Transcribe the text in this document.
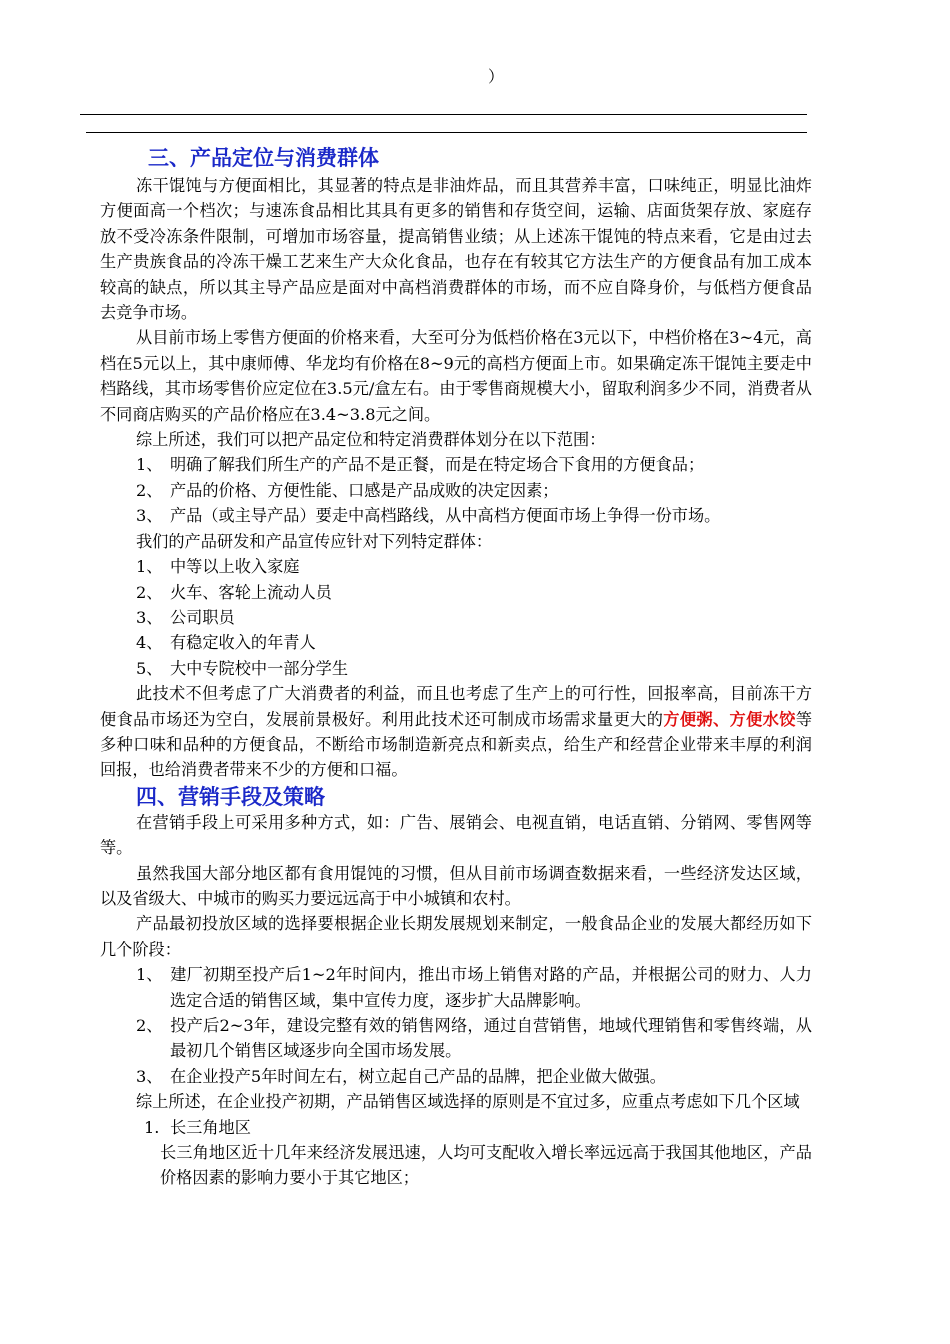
）
三、产品定位与消费群体

冻干馄饨与方便面相比，其显著的特点是非油炸品，而且其营养丰富，口味纯正，明显比油炸方便面高一个档次；与速冻食品相比其具有更多的销售和存货空间，运输、店面货架存放、家庭存放不受冷冻条件限制，可增加市场容量，提高销售业绩；从上述冻干馄饨的特点来看，它是由过去生产贵族食品的冷冻干燥工艺来生产大众化食品，也存在有较其它方法生产的方便食品有加工成本较高的缺点，所以其主导产品应是面对中高档消费群体的市场，而不应自降身价，与低档方便食品去竞争市场。

从目前市场上零售方便面的价格来看，大至可分为低档价格在3元以下，中档价格在3~4元，高档在5元以上，其中康师傅、华龙均有价格在8~9元的高档方便面上市。如果确定冻干馄饨主要走中档路线，其市场零售价应定位在3.5元/盒左右。由于零售商规模大小，留取利润多少不同，消费者从不同商店购买的产品价格应在3.4~3.8元之间。

综上所述，我们可以把产品定位和特定消费群体划分在以下范围：

1、 明确了解我们所生产的产品不是正餐，而是在特定场合下食用的方便食品；

2、 产品的价格、方便性能、口感是产品成败的决定因素；

3、 产品（或主导产品）要走中高档路线，从中高档方便面市场上争得一份市场。

我们的产品研发和产品宣传应针对下列特定群体：

1、 中等以上收入家庭

2、 火车、客轮上流动人员

3、 公司职员

4、 有稳定收入的年青人

5、 大中专院校中一部分学生

此技术不但考虑了广大消费者的利益，而且也考虑了生产上的可行性，回报率高，目前冻干方便食品市场还为空白，发展前景极好。利用此技术还可制成市场需求量更大的方便粥、方便水饺等多种口味和品种的方便食品，不断给市场制造新亮点和新卖点，给生产和经营企业带来丰厚的利润回报，也给消费者带来不少的方便和口福。

四、营销手段及策略

在营销手段上可采用多种方式，如：广告、展销会、电视直销，电话直销、分销网、零售网等等。

虽然我国大部分地区都有食用馄饨的习惯，但从目前市场调查数据来看，一些经济发达区域，以及省级大、中城市的购买力要远远高于中小城镇和农村。

产品最初投放区域的选择要根据企业长期发展规划来制定，一般食品企业的发展大都经历如下几个阶段：

1、 建厂初期至投产后1~2年时间内，推出市场上销售对路的产品，并根据公司的财力、人力选定合适的销售区域，集中宣传力度，逐步扩大品牌影响。

2、 投产后2~3年，建设完整有效的销售网络，通过自营销售，地域代理销售和零售终端，从最初几个销售区域逐步向全国市场发展。

3、 在企业投产5年时间左右，树立起自己产品的品牌，把企业做大做强。

综上所述，在企业投产初期，产品销售区域选择的原则是不宜过多，应重点考虑如下几个区域

1. 长三角地区

长三角地区近十几年来经济发展迅速，人均可支配收入增长率远远高于我国其他地区，产品价格因素的影响力要小于其它地区；
